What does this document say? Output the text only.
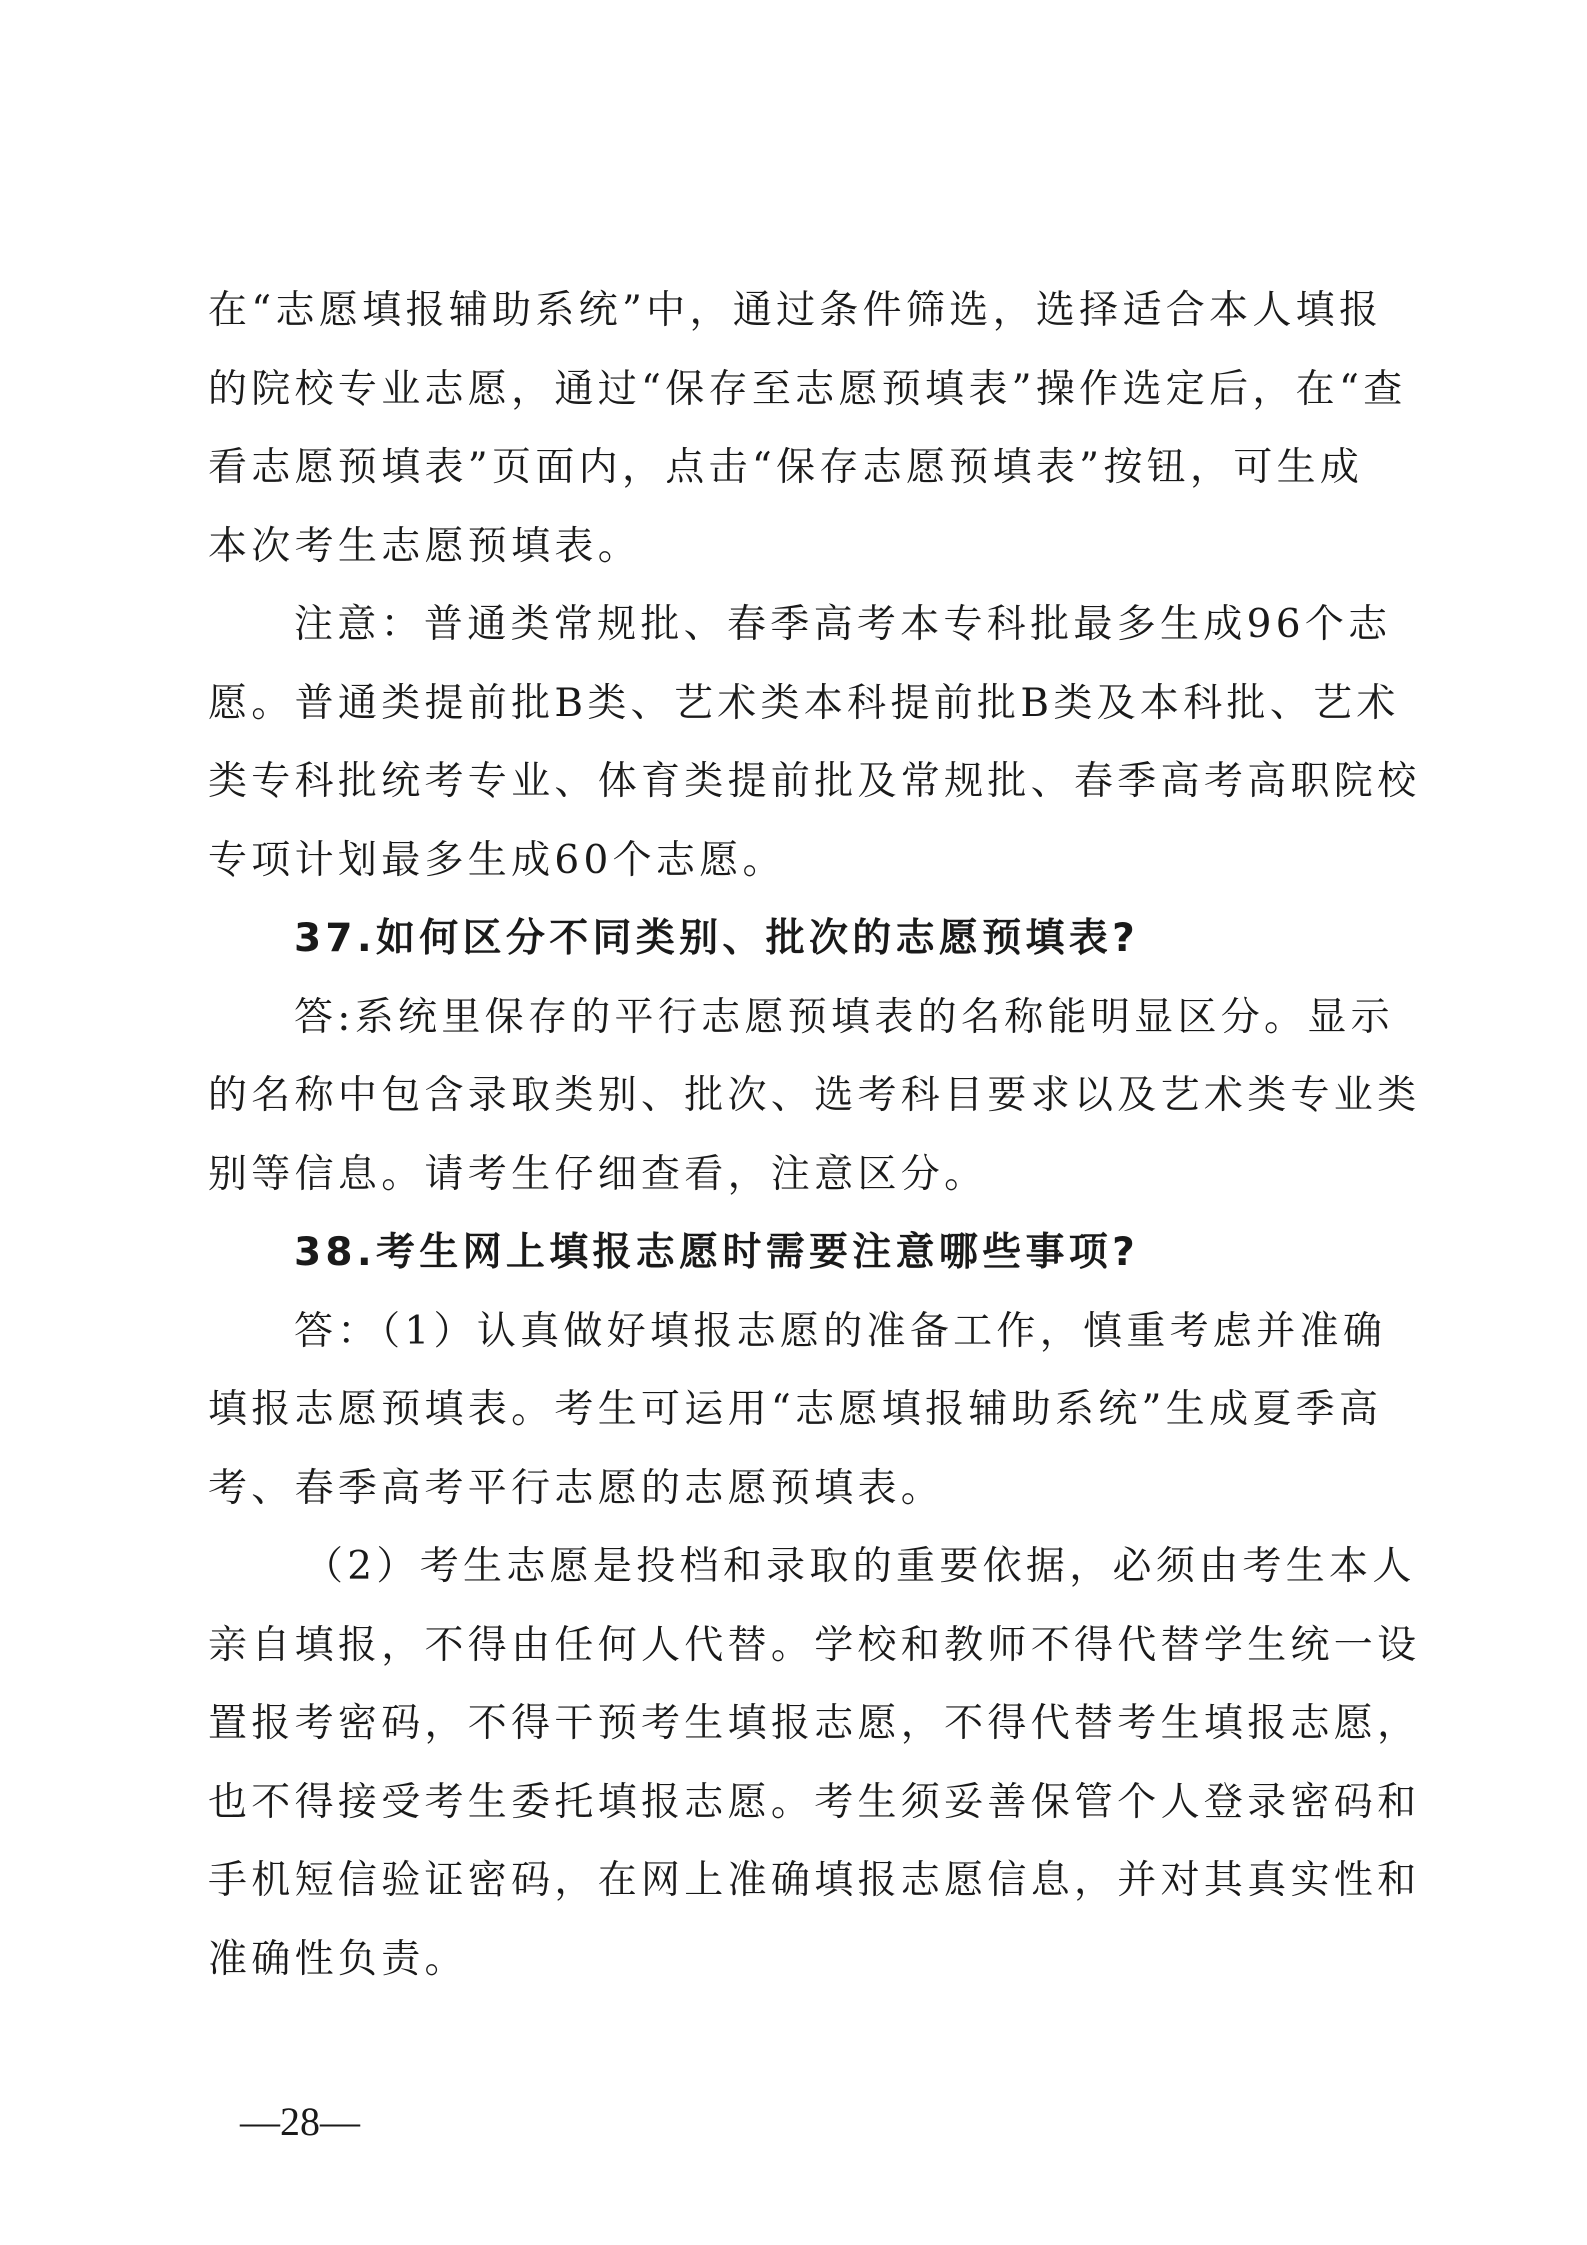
在“志愿填报辅助系统”中，通过条件筛选，选择适合本人填报
的院校专业志愿，通过“保存至志愿预填表”操作选定后，在“查
看志愿预填表”页面内，点击“保存志愿预填表”按钮，可生成
本次考生志愿预填表。
注意：普通类常规批、春季高考本专科批最多生成96个志
愿。普通类提前批B类、艺术类本科提前批B类及本科批、艺术
类专科批统考专业、体育类提前批及常规批、春季高考高职院校
专项计划最多生成60个志愿。
37.如何区分不同类别、批次的志愿预填表?
答:系统里保存的平行志愿预填表的名称能明显区分。显示
的名称中包含录取类别、批次、选考科目要求以及艺术类专业类
别等信息。请考生仔细查看，注意区分。
38.考生网上填报志愿时需要注意哪些事项?
答：（1）认真做好填报志愿的准备工作，慎重考虑并准确
填报志愿预填表。考生可运用“志愿填报辅助系统”生成夏季高
考、春季高考平行志愿的志愿预填表。
（2）考生志愿是投档和录取的重要依据，必须由考生本人
亲自填报，不得由任何人代替。学校和教师不得代替学生统一设
置报考密码，不得干预考生填报志愿，不得代替考生填报志愿，
也不得接受考生委托填报志愿。考生须妥善保管个人登录密码和
手机短信验证密码，在网上准确填报志愿信息，并对其真实性和
准确性负责。
—28—
